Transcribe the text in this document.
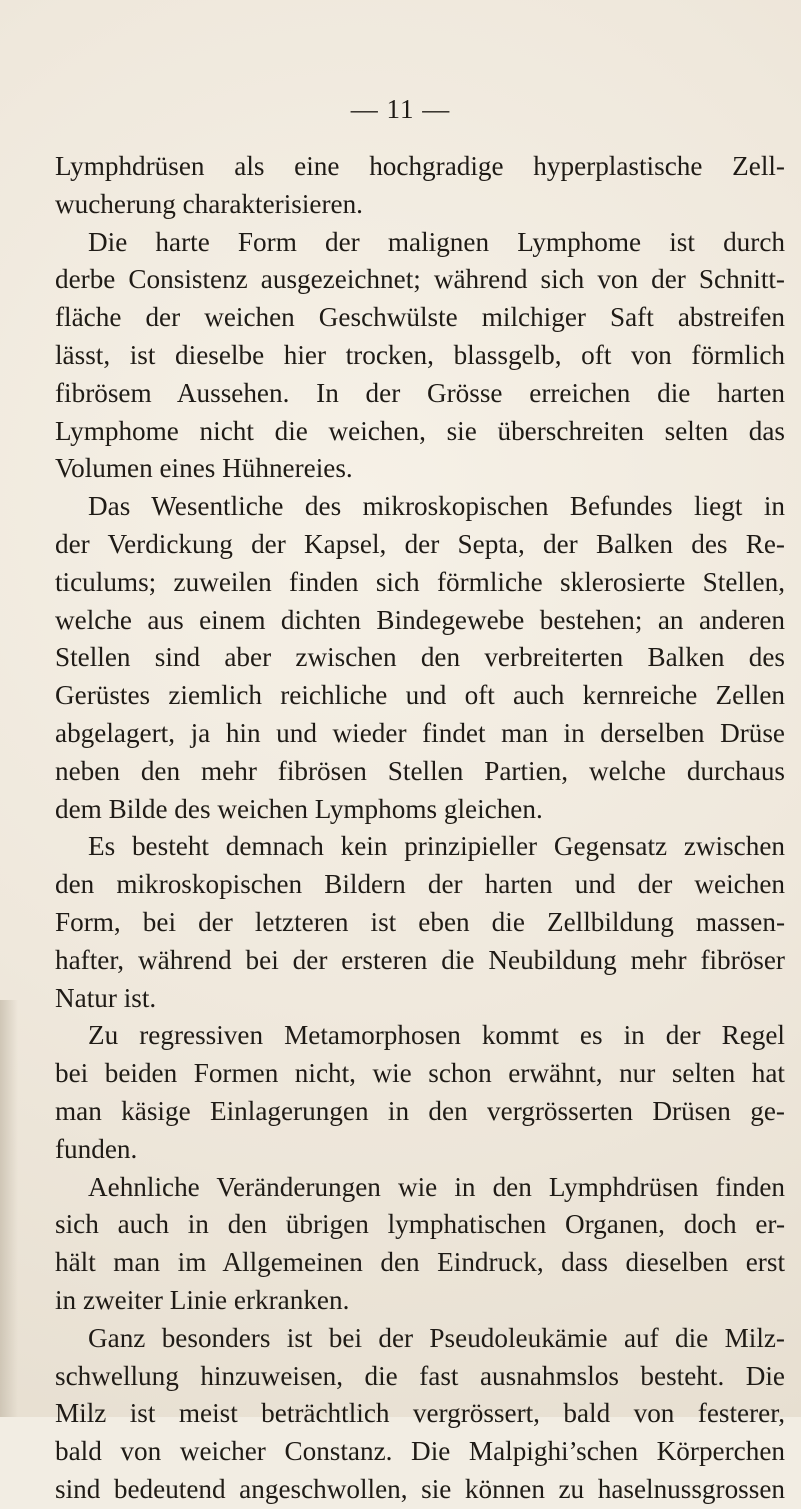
— 11 —
Lymphdrüsen als eine hochgradige hyperplastische Zell-
wucherung charakterisieren.
Die harte Form der malignen Lymphome ist durch
derbe Consistenz ausgezeichnet; während sich von der Schnitt-
fläche der weichen Geschwülste milchiger Saft abstreifen
lässt, ist dieselbe hier trocken, blassgelb, oft von förmlich
fibrösem Aussehen. In der Grösse erreichen die harten
Lymphome nicht die weichen, sie überschreiten selten das
Volumen eines Hühnereies.
Das Wesentliche des mikroskopischen Befundes liegt in
der Verdickung der Kapsel, der Septa, der Balken des Re-
ticulums; zuweilen finden sich förmliche sklerosierte Stellen,
welche aus einem dichten Bindegewebe bestehen; an anderen
Stellen sind aber zwischen den verbreiterten Balken des
Gerüstes ziemlich reichliche und oft auch kernreiche Zellen
abgelagert, ja hin und wieder findet man in derselben Drüse
neben den mehr fibrösen Stellen Partien, welche durchaus
dem Bilde des weichen Lymphoms gleichen.
Es besteht demnach kein prinzipieller Gegensatz zwischen
den mikroskopischen Bildern der harten und der weichen
Form, bei der letzteren ist eben die Zellbildung massen-
hafter, während bei der ersteren die Neubildung mehr fibröser
Natur ist.
Zu regressiven Metamorphosen kommt es in der Regel
bei beiden Formen nicht, wie schon erwähnt, nur selten hat
man käsige Einlagerungen in den vergrösserten Drüsen ge-
funden.
Aehnliche Veränderungen wie in den Lymphdrüsen finden
sich auch in den übrigen lymphatischen Organen, doch er-
hält man im Allgemeinen den Eindruck, dass dieselben erst
in zweiter Linie erkranken.
Ganz besonders ist bei der Pseudoleukämie auf die Milz-
schwellung hinzuweisen, die fast ausnahmslos besteht. Die
Milz ist meist beträchtlich vergrössert, bald von festerer,
bald von weicher Constanz. Die Malpighi’schen Körperchen
sind bedeutend angeschwollen, sie können zu haselnussgrossen
